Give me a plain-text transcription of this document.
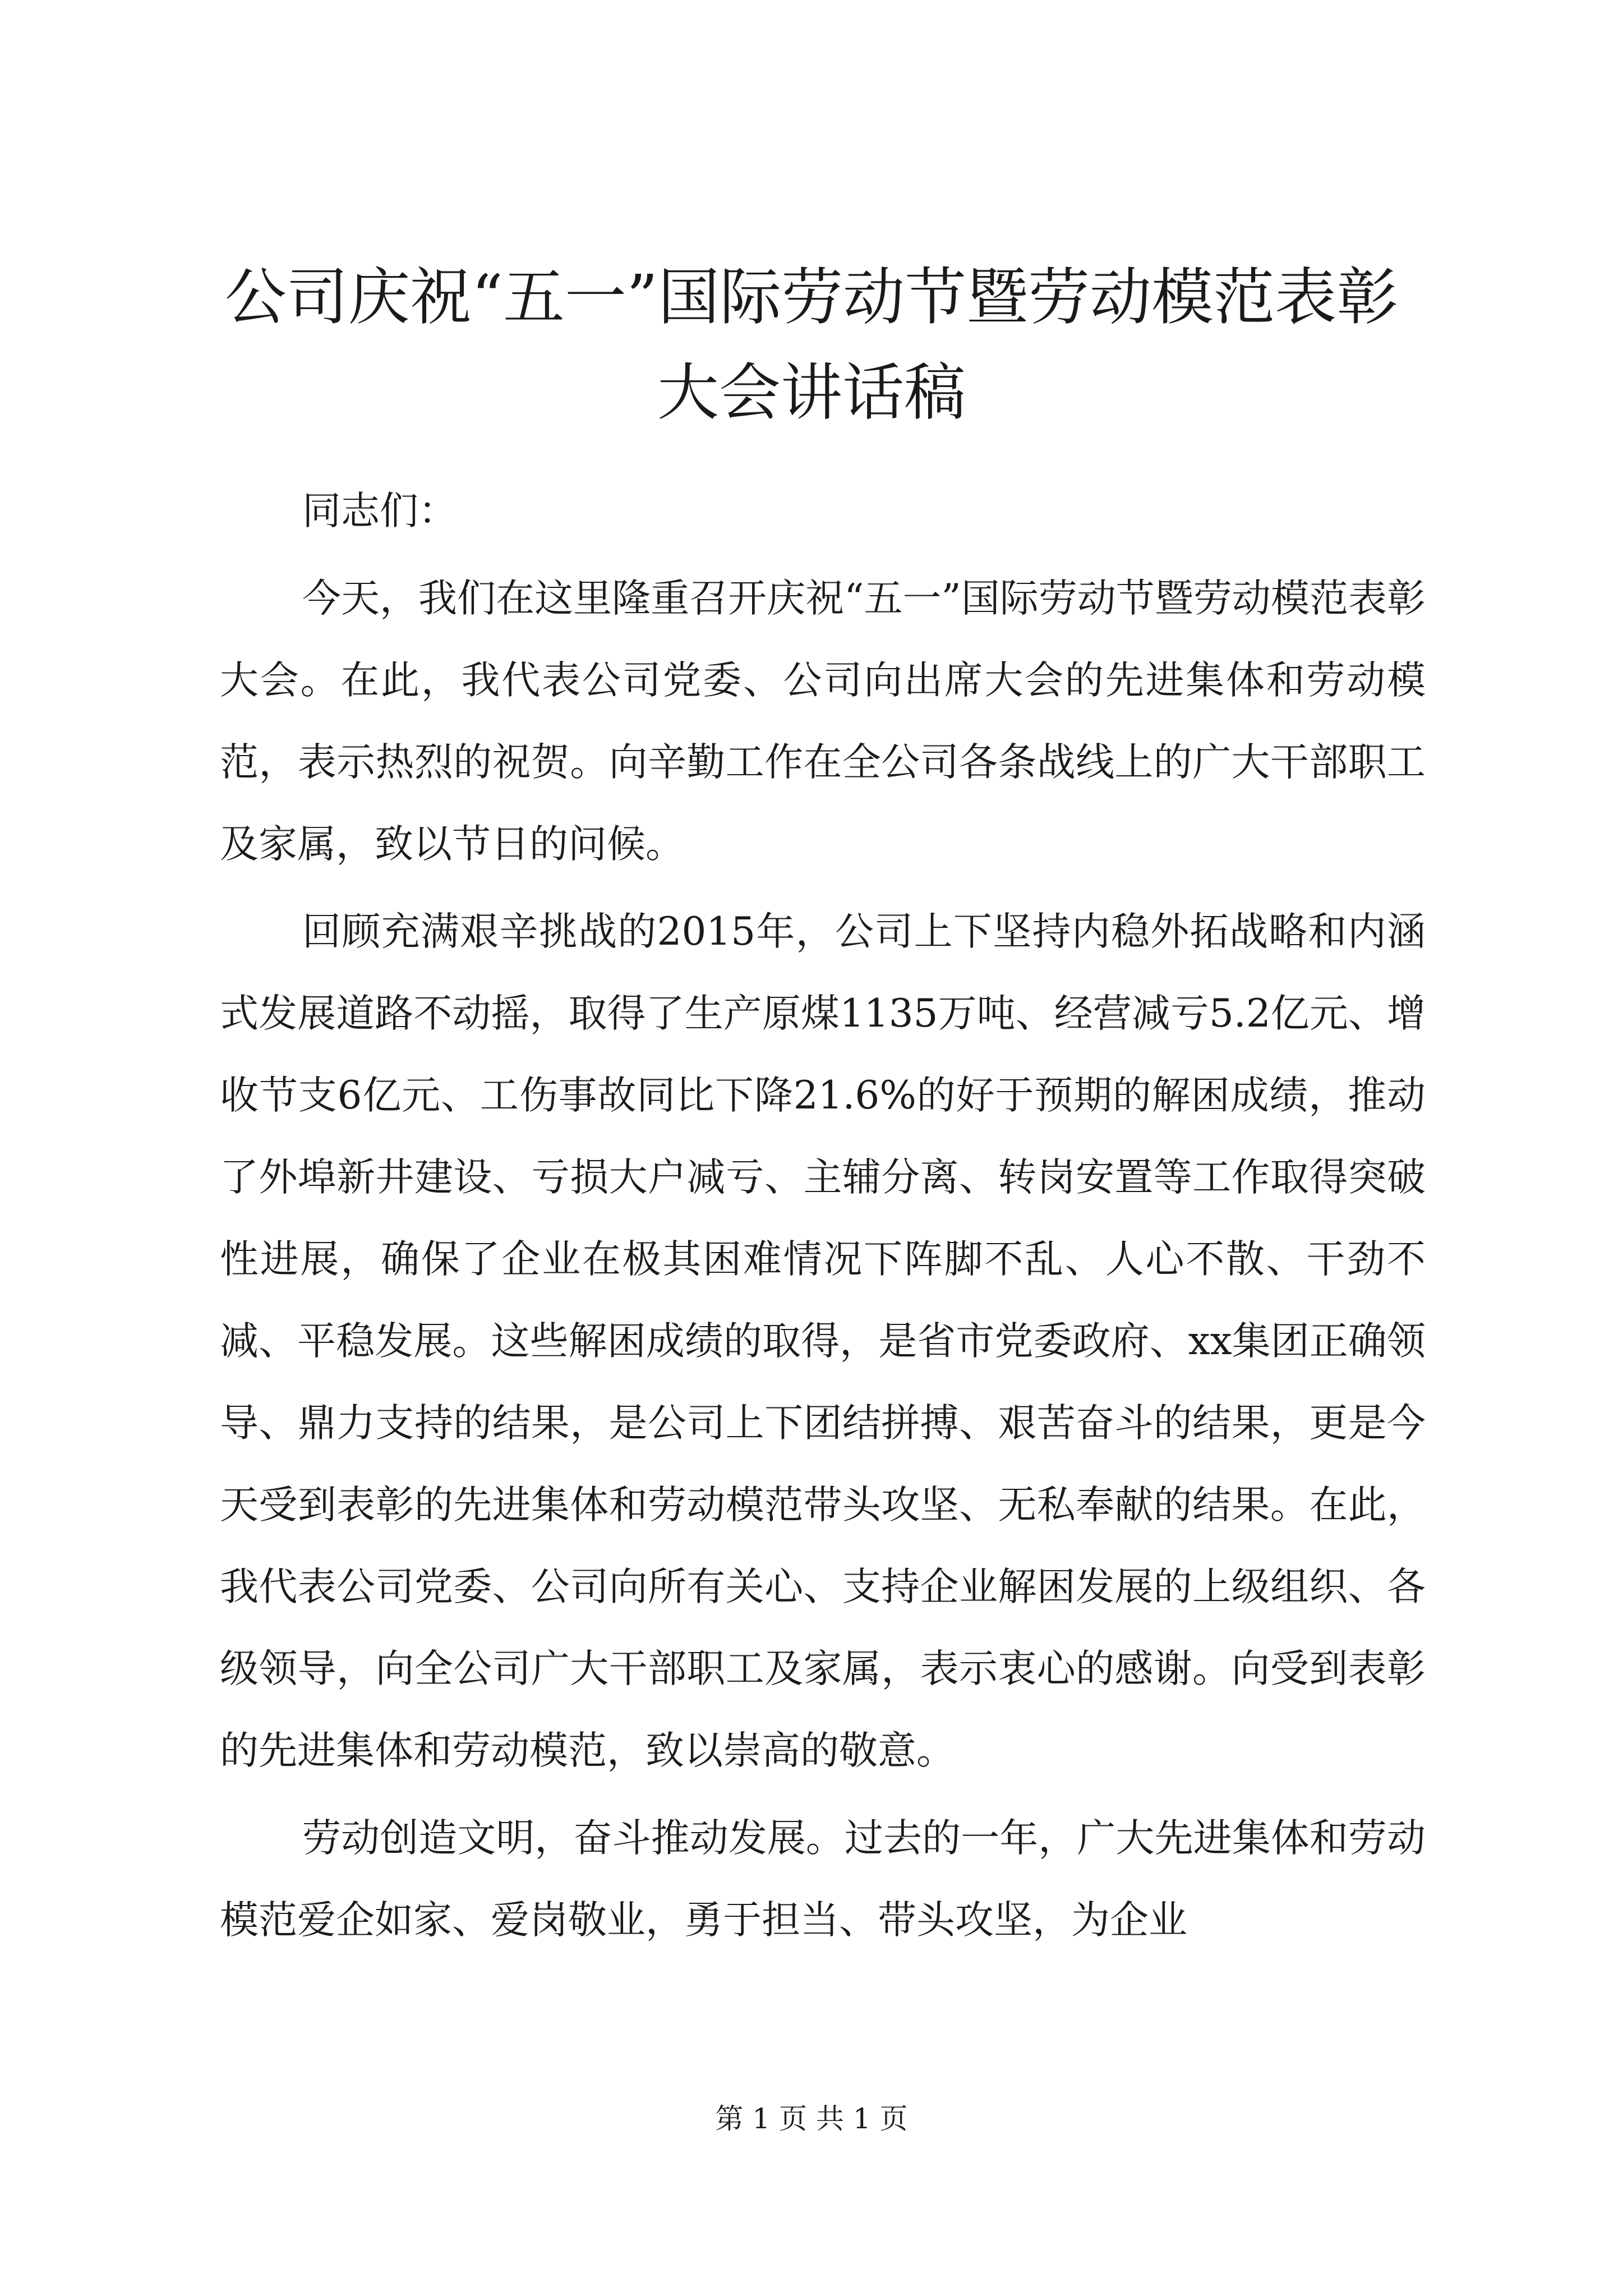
公司庆祝“五一”国际劳动节暨劳动模范表彰
大会讲话稿

同志们：

今天，我们在这里隆重召开庆祝“五一”国际劳动节暨劳动模范表彰大会。在此，我代表公司党委、公司向出席大会的先进集体和劳动模范，表示热烈的祝贺。向辛勤工作在全公司各条战线上的广大干部职工及家属，致以节日的问候。

回顾充满艰辛挑战的2015年，公司上下坚持内稳外拓战略和内涵式发展道路不动摇，取得了生产原煤1135万吨、经营减亏5.2亿元、增收节支6亿元、工伤事故同比下降21.6%的好于预期的解困成绩，推动了外埠新井建设、亏损大户减亏、主辅分离、转岗安置等工作取得突破性进展，确保了企业在极其困难情况下阵脚不乱、人心不散、干劲不减、平稳发展。这些解困成绩的取得，是省市党委政府、xx集团正确领导、鼎力支持的结果，是公司上下团结拼搏、艰苦奋斗的结果，更是今天受到表彰的先进集体和劳动模范带头攻坚、无私奉献的结果。在此，我代表公司党委、公司向所有关心、支持企业解困发展的上级组织、各级领导，向全公司广大干部职工及家属，表示衷心的感谢。向受到表彰的先进集体和劳动模范，致以崇高的敬意。

劳动创造文明，奋斗推动发展。过去的一年，广大先进集体和劳动模范爱企如家、爱岗敬业，勇于担当、带头攻坚，为企业

第 1 页 共 1 页
